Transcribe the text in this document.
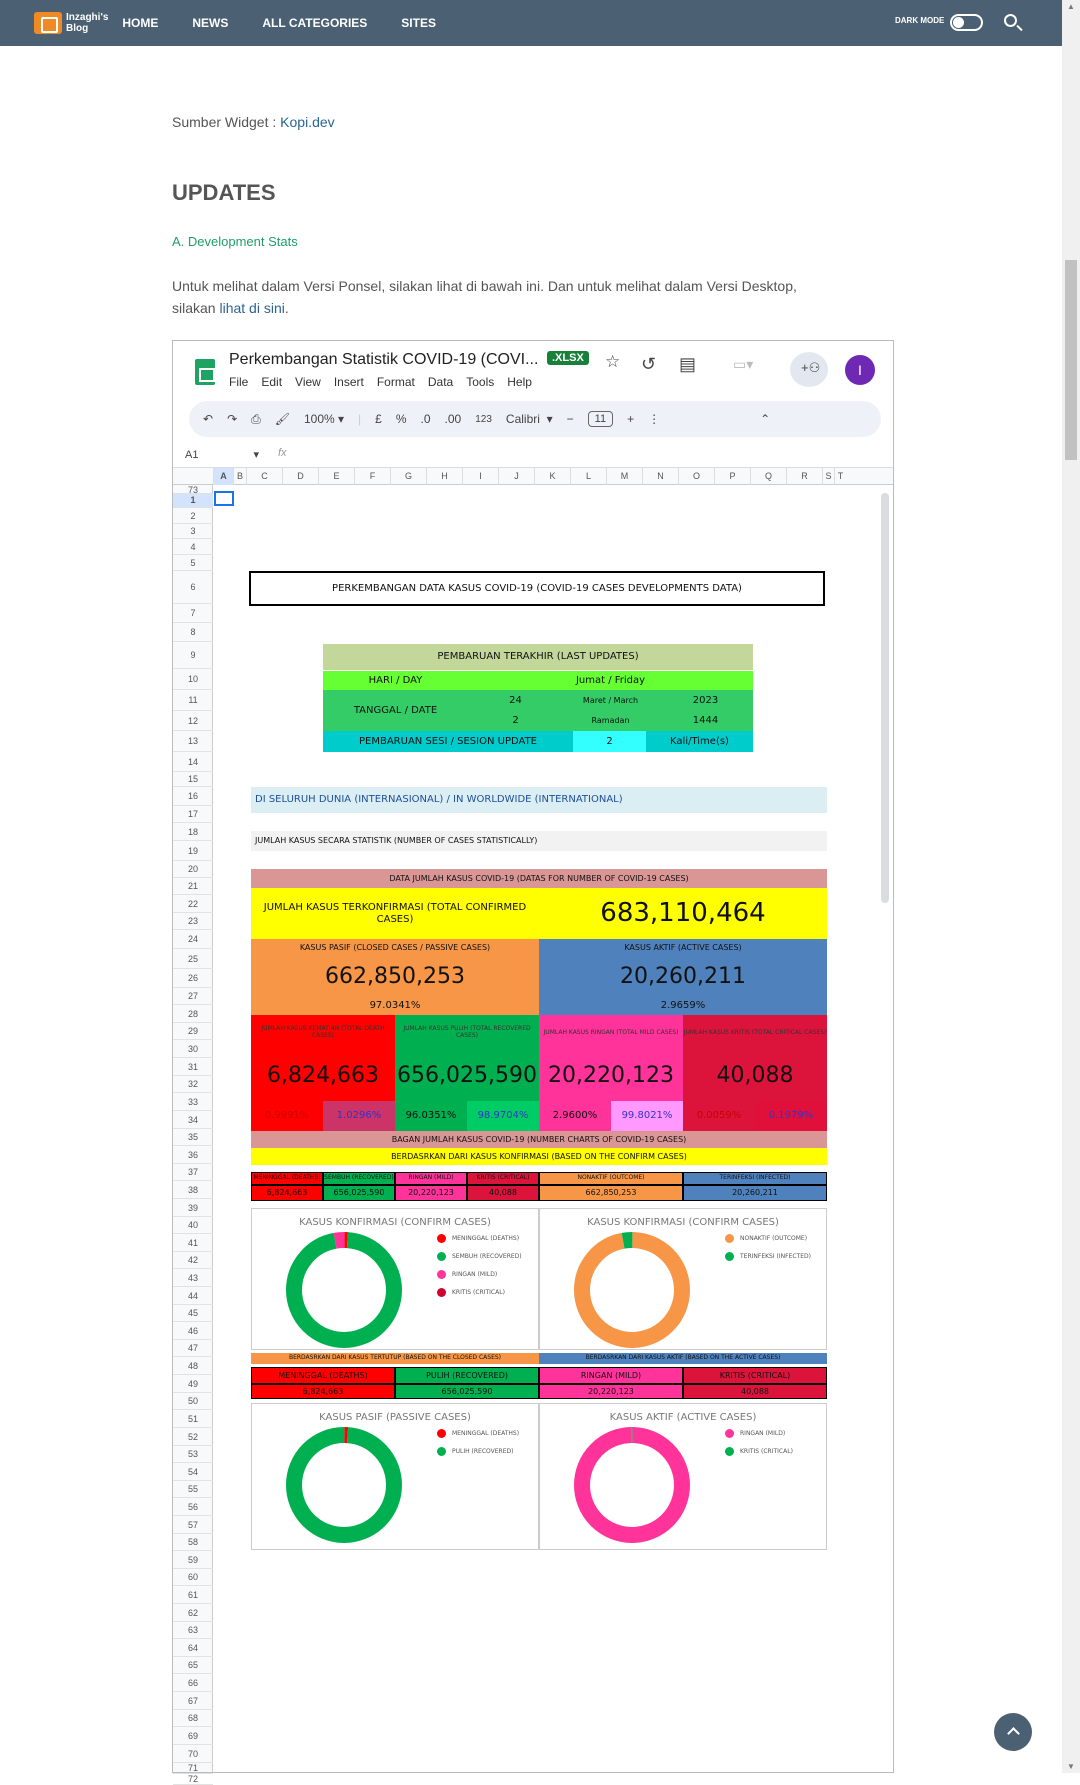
Inzaghi's
Blog	HOME	NEWS	ALL CATEGORIES	SITES	DARK MODE
▲
▼
Sumber Widget : Kopi.dev
UPDATES
A. Development Stats
Untuk melihat dalam Versi Ponsel, silakan lihat di bawah ini. Dan untuk melihat dalam Versi Desktop, silakan lihat di sini.
Perkembangan Statistik COVID-19 (COVI...	.XLSX ☆ ↺ ▤	▭▾	+⚇	I
File Edit View Insert Format Data Tools Help
↶ ↷ ⎙ 🖌 100% ▾ | £ % .0 .00 123 Calibri  ▾ −	11	+ ⋮	⌃
A1	▾ fx
A	B	C	D	E	F	G	H	I	J	K	L	M	N	O	P	Q	R	S T
1
2
3
4
5
6
7
8
9
10
11
12
13
14
15
16
17
18
19
20
21
22
23
24
25
26
27
28
29
30
31
32
33
34
35
36
37
38
39
40
41
42
43
44
45
46
47
48
49
50
51
52
53
54
55
56
57
58
59
60
61
62
63
64
65
66
67
68
69
70
71
72
73
PERKEMBANGAN DATA KASUS COVID-19 (COVID-19 CASES DEVELOPMENTS DATA)
PEMBARUAN TERAKHIR (LAST UPDATES)
HARI / DAY	Jumat / Friday
TANGGAL / DATE
24	Maret / March	2023
2	Ramadan	1444
PEMBARUAN SESI / SESION UPDATE	2	Kali/Time(s)
DI SELURUH DUNIA (INTERNASIONAL) / IN WORLDWIDE (INTERNATIONAL)
JUMLAH KASUS SECARA STATISTIK (NUMBER OF CASES STATISTICALLY)
DATA JUMLAH KASUS COVID-19 (DATAS FOR NUMBER OF COVID-19 CASES)
JUMLAH KASUS TERKONFIRMASI (TOTAL CONFIRMED CASES)	683,110,464
KASUS PASIF (CLOSED CASES / PASSIVE CASES)
662,850,253
97.0341%
KASUS AKTIF (ACTIVE CASES)
20,260,211
2.9659%
JUMLAH KASUS KEMATIAN (TOTAL DEATH CASES)
6,824,663
0.9991%	1.0296%
JUMLAH KASUS PULIH (TOTAL RECOVERED CASES)
656,025,590
96.0351%	98.9704%
JUMLAH KASUS RINGAN (TOTAL MILD CASES)
20,220,123
2.9600%	99.8021%
JUMLAH KASUS KRITIS (TOTAL CRITICAL CASES)
40,088
0.0059%	0.1979%
BAGAN JUMLAH KASUS COVID-19 (NUMBER CHARTS OF COVID-19 CASES)
BERDASRKAN DARI KASUS KONFIRMASI (BASED ON THE CONFIRM CASES)
MENINGGAL (DEATHS)
6,824,663
SEMBUH (RECOVERED)
656,025,590
RINGAN (MILD)
20,220,123
KRITIS (CRITICAL)
40,088
NONAKTIF (OUTCOME)
662,850,253
TERINFEKSI (INFECTED)
20,260,211
BERDASRKAN DARI KASUS TERTUTUP (BASED ON THE CLOSED CASES)	BERDASRKAN DARI KASUS AKTIF (BASED ON THE ACTIVE CASES)
MENINGGAL (DEATHS)
6,824,663
PULIH (RECOVERED)
656,025,590
RINGAN (MILD)
20,220,123
KRITIS (CRITICAL)
40,088
KASUS KONFIRMASI (CONFIRM CASES)
MENINGGAL (DEATHS)
SEMBUH (RECOVERED)
RINGAN (MILD)
KRITIS (CRITICAL)
KASUS KONFIRMASI (CONFIRM CASES)
NONAKTIF (OUTCOME)
TERINFEKSI (INFECTED)
KASUS PASIF (PASSIVE CASES)
MENINGGAL (DEATHS)
PULIH (RECOVERED)
KASUS AKTIF (ACTIVE CASES)
RINGAN (MILD)
KRITIS (CRITICAL)
